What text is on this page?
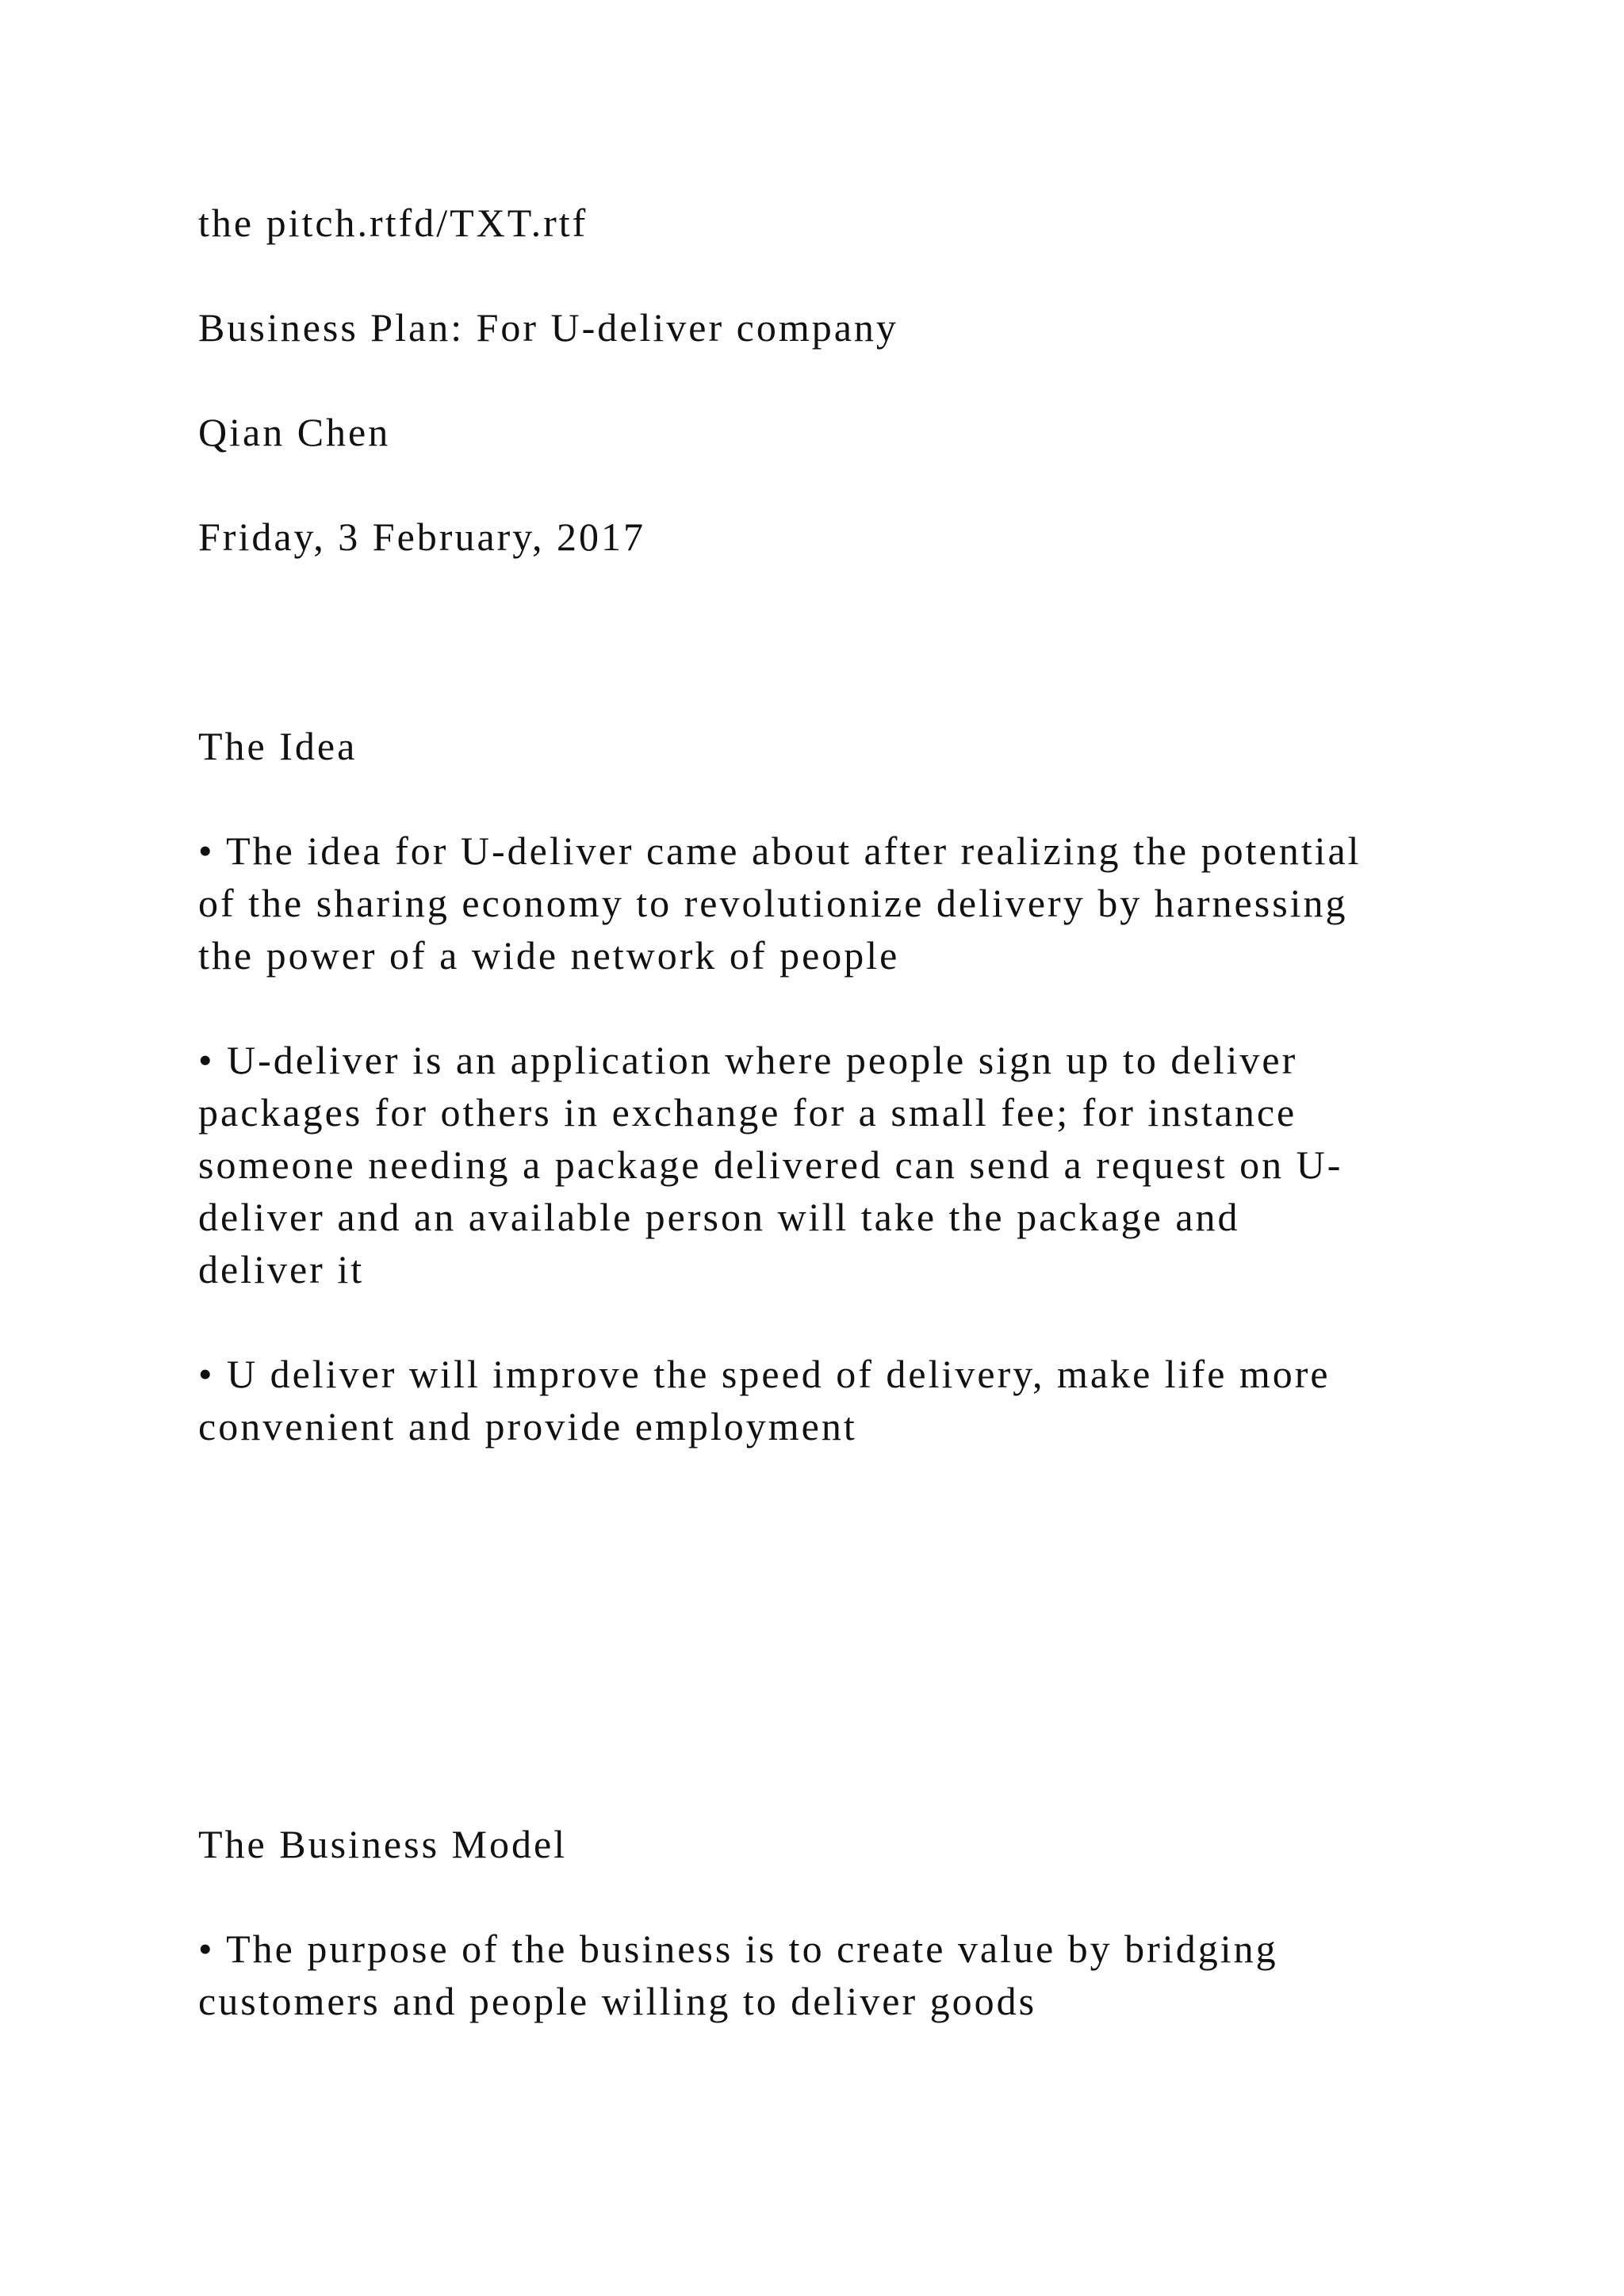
the pitch.rtfd/TXT.rtf

Business Plan: For U-deliver company

Qian Chen

Friday, 3 February, 2017

The Idea

• The idea for U-deliver came about after realizing the potential

of the sharing economy to revolutionize delivery by harnessing

the power of a wide network of people

• U-deliver is an application where people sign up to deliver

packages for others in exchange for a small fee; for instance

someone needing a package delivered can send a request on U-

deliver and an available person will take the package and

deliver it

• U deliver will improve the speed of delivery, make life more

convenient and provide employment

The Business Model

• The purpose of the business is to create value by bridging

customers and people willing to deliver goods
